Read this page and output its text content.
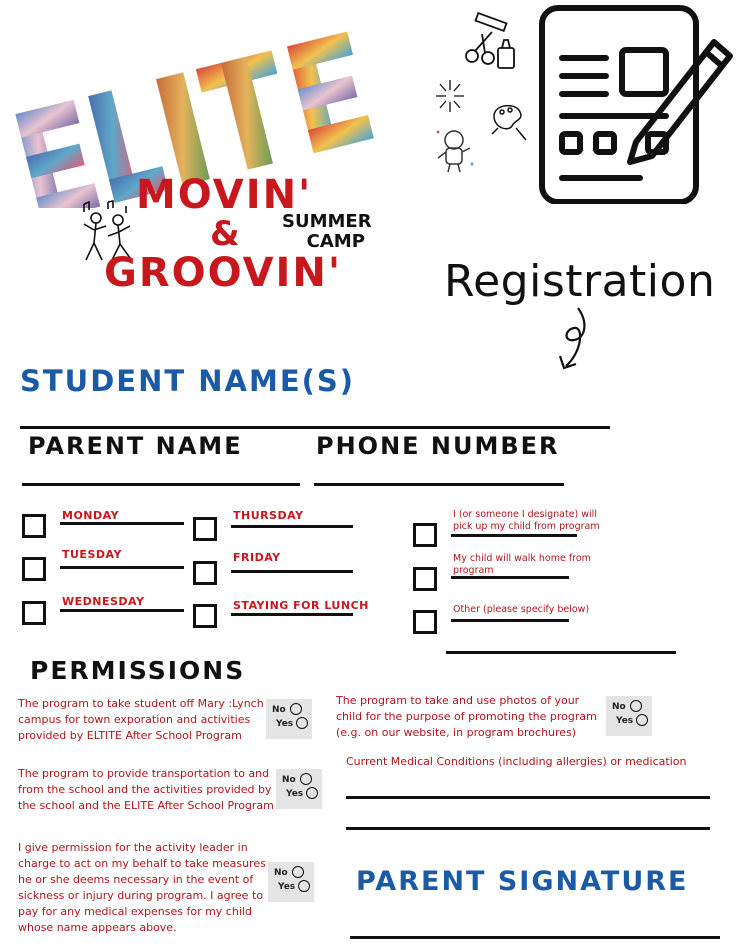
MOVIN'
&
GROOVIN'
SUMMER
CAMP
Registration
STUDENT NAME(S)
PARENT NAME	PHONE NUMBER
MONDAY
TUESDAY
WEDNESDAY
THURSDAY
FRIDAY
STAYING FOR LUNCH
I (or someone I designate) will pick up my child from program
My child will walk home from program
Other (please specify below)
PERMISSIONS
The program to take student off Mary :Lynch campus for town exporation and activities provided by ELTITE After School Program
No
Yes
The program to take and use photos of your child for the purpose of promoting the program (e.g. on our website, in program brochures)
No
Yes
Current Medical Conditions (including allergies) or medication
The program to provide transportation to and from the school and the activities provided by the school and the ELITE After School Program
No
Yes
I give permission for the activity leader in charge to act on my behalf to take measures he or she deems necessary in the event of sickness or injury during program. I agree to pay for any medical expenses for my child whose name appears above.
No
Yes PARENT SIGNATURE
